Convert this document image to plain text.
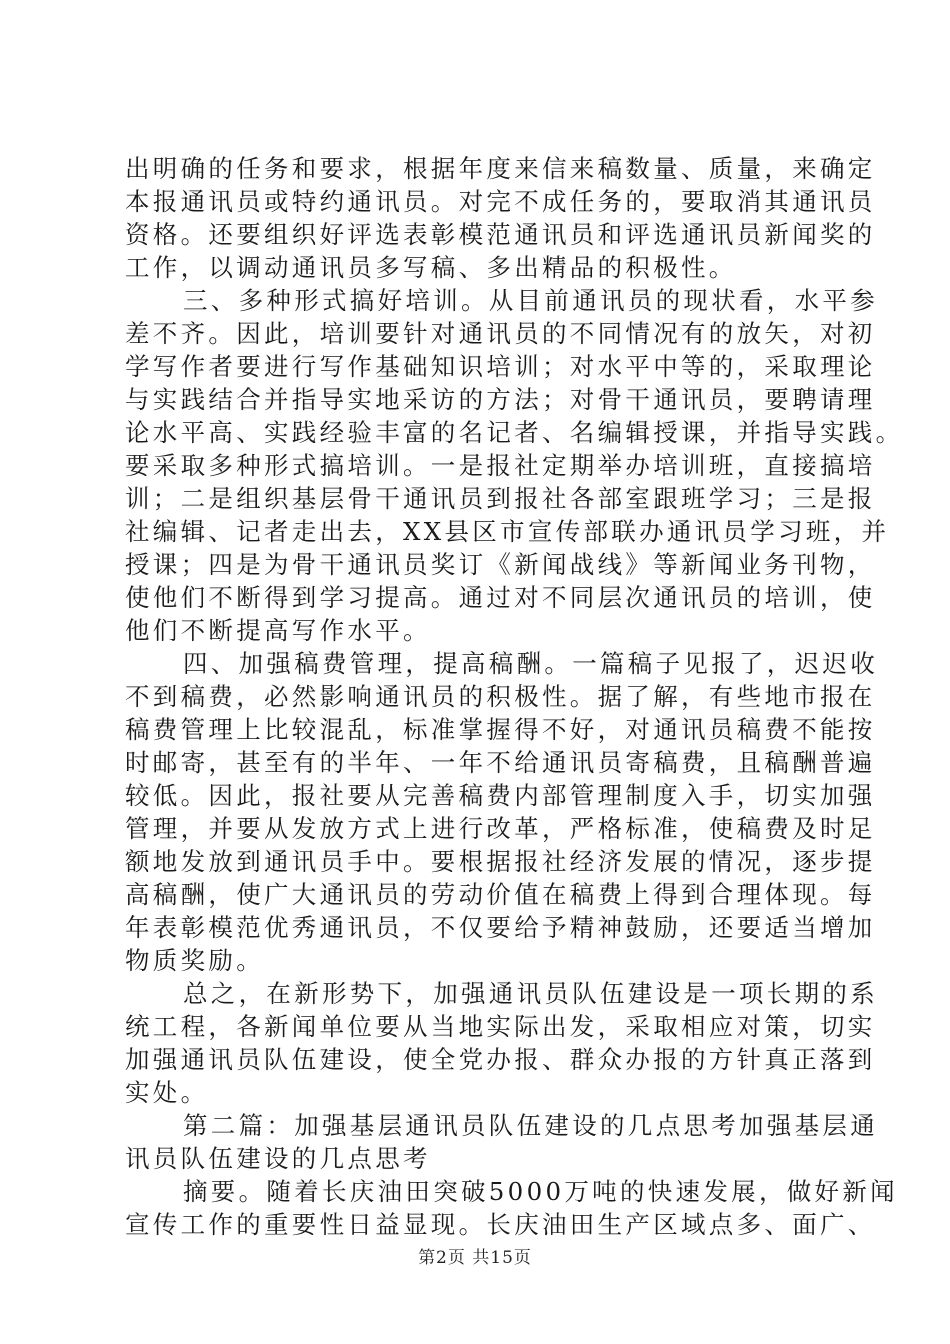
出明确的任务和要求，根据年度来信来稿数量、质量，来确定
本报通讯员或特约通讯员。对完不成任务的，要取消其通讯员
资格。还要组织好评选表彰模范通讯员和评选通讯员新闻奖的
工作，以调动通讯员多写稿、多出精品的积极性。
三、多种形式搞好培训。从目前通讯员的现状看，水平参
差不齐。因此，培训要针对通讯员的不同情况有的放矢，对初
学写作者要进行写作基础知识培训；对水平中等的，采取理论
与实践结合并指导实地采访的方法；对骨干通讯员，要聘请理
论水平高、实践经验丰富的名记者、名编辑授课，并指导实践。
要采取多种形式搞培训。一是报社定期举办培训班，直接搞培
训；二是组织基层骨干通讯员到报社各部室跟班学习；三是报
社编辑、记者走出去，XX县区市宣传部联办通讯员学习班，并
授课；四是为骨干通讯员奖订《新闻战线》等新闻业务刊物，
使他们不断得到学习提高。通过对不同层次通讯员的培训，使
他们不断提高写作水平。
四、加强稿费管理，提高稿酬。一篇稿子见报了，迟迟收
不到稿费，必然影响通讯员的积极性。据了解，有些地市报在
稿费管理上比较混乱，标准掌握得不好，对通讯员稿费不能按
时邮寄，甚至有的半年、一年不给通讯员寄稿费，且稿酬普遍
较低。因此，报社要从完善稿费内部管理制度入手，切实加强
管理，并要从发放方式上进行改革，严格标准，使稿费及时足
额地发放到通讯员手中。要根据报社经济发展的情况，逐步提
高稿酬，使广大通讯员的劳动价值在稿费上得到合理体现。每
年表彰模范优秀通讯员，不仅要给予精神鼓励，还要适当增加
物质奖励。
总之，在新形势下，加强通讯员队伍建设是一项长期的系
统工程，各新闻单位要从当地实际出发，采取相应对策，切实
加强通讯员队伍建设，使全党办报、群众办报的方针真正落到
实处。
第二篇：加强基层通讯员队伍建设的几点思考加强基层通
讯员队伍建设的几点思考
摘要。随着长庆油田突破5000万吨的快速发展，做好新闻
宣传工作的重要性日益显现。长庆油田生产区域点多、面广、
第2页 共15页
